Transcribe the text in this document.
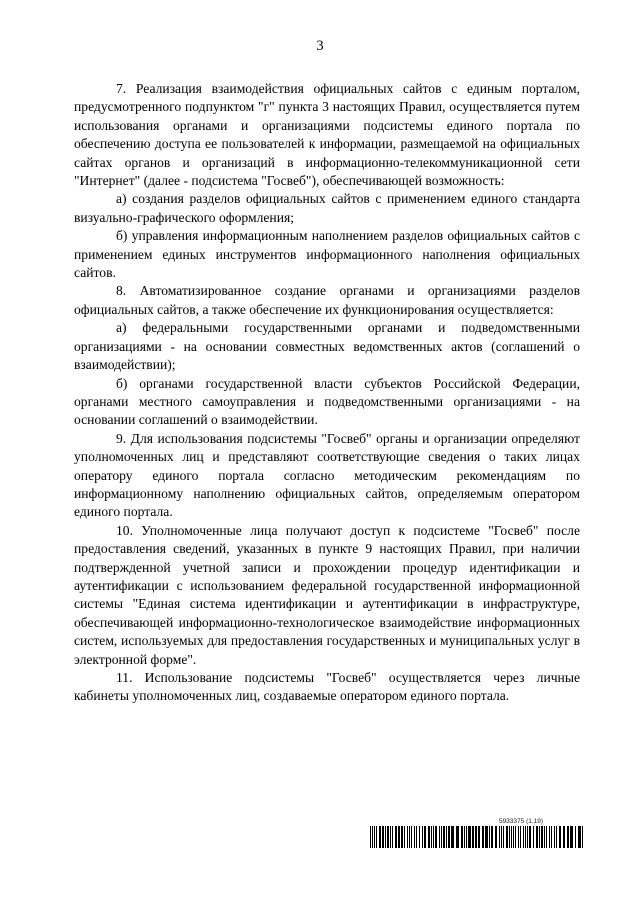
3

7. Реализация взаимодействия официальных сайтов с единым порталом, предусмотренного подпунктом "г" пункта 3 настоящих Правил, осуществляется путем использования органами и организациями подсистемы единого портала по обеспечению доступа ее пользователей к информации, размещаемой на официальных сайтах органов и организаций в информационно-телекоммуникационной сети "Интернет" (далее - подсистема "Госвеб"), обеспечивающей возможность:

а) создания разделов официальных сайтов с применением единого стандарта визуально-графического оформления;

б) управления информационным наполнением разделов официальных сайтов с применением единых инструментов информационного наполнения официальных сайтов.

8. Автоматизированное создание органами и организациями разделов официальных сайтов, а также обеспечение их функционирования осуществляется:

а) федеральными государственными органами и подведомственными организациями - на основании совместных ведомственных актов (соглашений о взаимодействии);

б) органами государственной власти субъектов Российской Федерации, органами местного самоуправления и подведомственными организациями - на основании соглашений о взаимодействии.

9. Для использования подсистемы "Госвеб" органы и организации определяют уполномоченных лиц и представляют соответствующие сведения о таких лицах оператору единого портала согласно методическим рекомендациям по информационному наполнению официальных сайтов, определяемым оператором единого портала.

10. Уполномоченные лица получают доступ к подсистеме "Госвеб" после предоставления сведений, указанных в пункте 9 настоящих Правил, при наличии подтвержденной учетной записи и прохождении процедур идентификации и аутентификации с использованием федеральной государственной информационной системы "Единая система идентификации и аутентификации в инфраструктуре, обеспечивающей информационно-технологическое взаимодействие информационных систем, используемых для предоставления государственных и муниципальных услуг в электронной форме".

11. Использование подсистемы "Госвеб" осуществляется через личные кабинеты уполномоченных лиц, создаваемые оператором единого портала.

5933375 (1.19)
